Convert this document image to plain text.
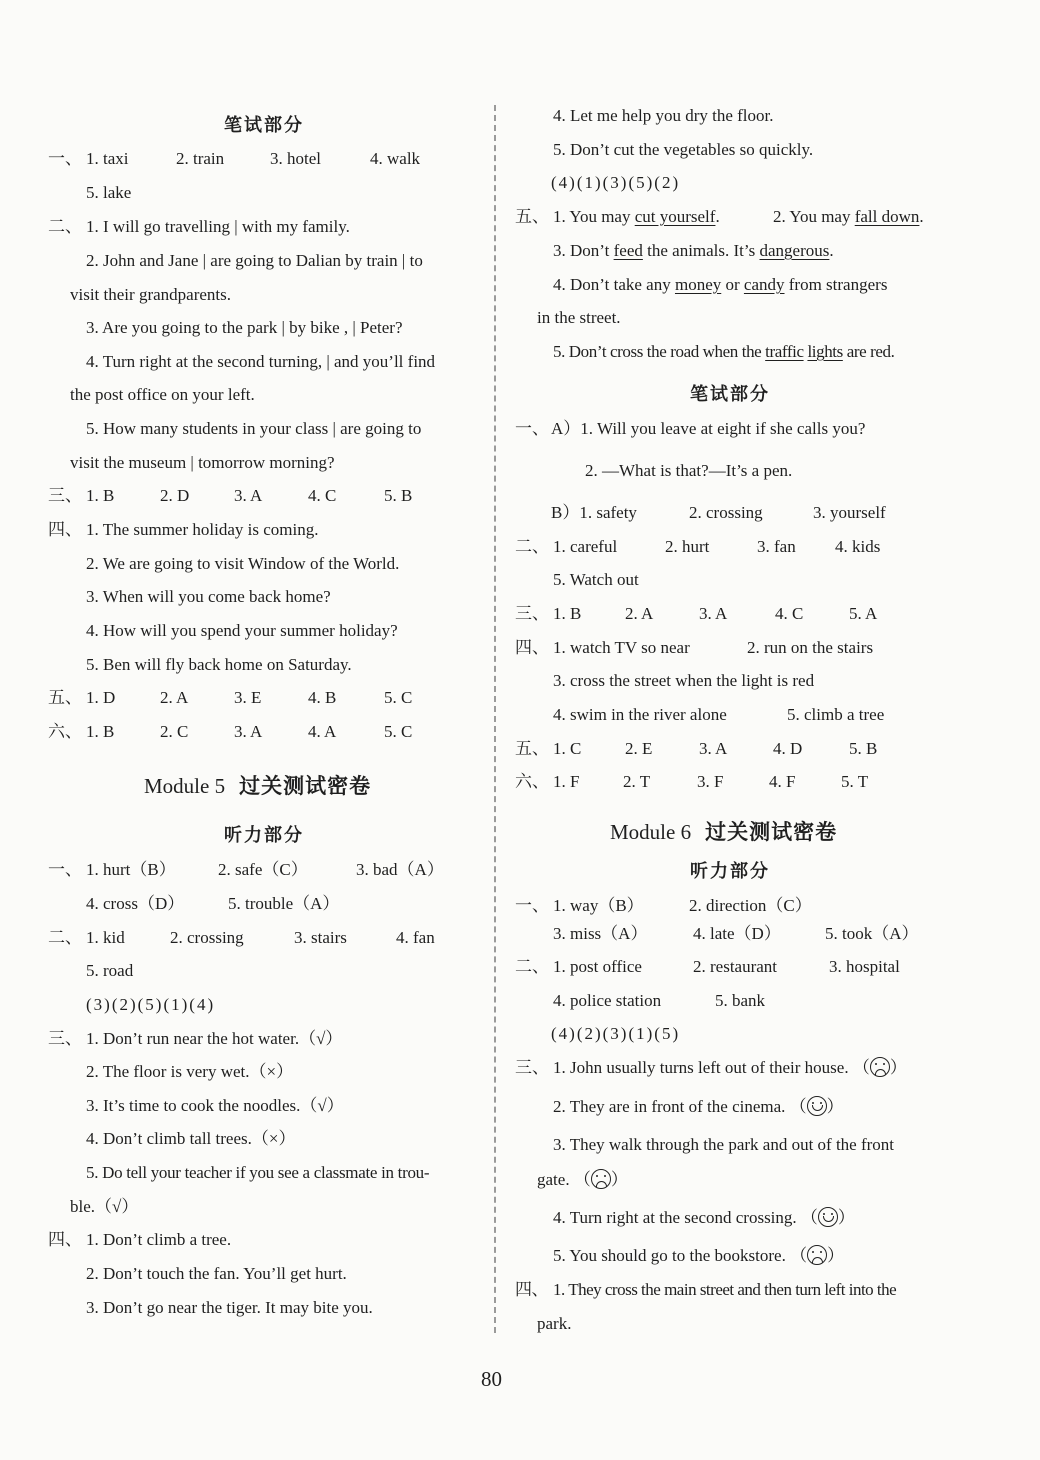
笔试部分
一、 1. taxi	2. train	3. hotel	4. walk
5. lake
二、 1. I will go travelling | with my family.
2. John and Jane | are going to Dalian by train | to
visit their grandparents.
3. Are you going to the park | by bike , | Peter?
4. Turn right at the second turning, | and you’ll find
the post office on your left.
5. How many students in your class | are going to
visit the museum | tomorrow morning?
三、 1. B	2. D	3. A	4. C	5. B
四、 1. The summer holiday is coming.
2. We are going to visit Window of the World.
3. When will you come back home?
4. How will you spend your summer holiday?
5. Ben will fly back home on Saturday.
五、 1. D	2. A	3. E	4. B	5. C
六、 1. B	2. C	3. A	4. A	5. C
Module 5 过关测试密卷
听力部分
一、 1. hurt（B） 2. safe（C）	3. bad（A）
4. cross（D）	5. trouble（A）
二、 1. kid	2. crossing	3. stairs	4. fan
5. road
(3)(2)(5)(1)(4)
三、 1. Don’t run near the hot water.（√）
2. The floor is very wet.（×）
3. It’s time to cook the noodles.（√）
4. Don’t climb tall trees.（×）
5. Do tell your teacher if you see a classmate in trou-
ble.（√）
四、 1. Don’t climb a tree.
2. Don’t touch the fan. You’ll get hurt.
3. Don’t go near the tiger. It may bite you.
4. Let me help you dry the floor.
5. Don’t cut the vegetables so quickly.
(4)(1)(3)(5)(2)
五、 1. You may cut yourself.	2. You may fall down.
3. Don’t feed the animals. It’s dangerous.
4. Don’t take any money or candy from strangers
in the street.
5. Don’t cross the road when the traffic lights are red.
笔试部分
一、 A）1. Will you leave at eight if she calls you?
2. —What is that?—It’s a pen.
B）1. safety	2. crossing	3. yourself
二、 1. careful	2. hurt	3. fan 4. kids
5. Watch out
三、 1. B	2. A	3. A	4. C	5. A
四、 1. watch TV so near	2. run on the stairs
3. cross the street when the light is red
4. swim in the river alone	5. climb a tree
五、 1. C	2. E	3. A	4. D	5. B
六、 1. F	2. T	3. F	4. F	5. T
Module 6 过关测试密卷
听力部分
一、 1. way（B）	2. direction（C）
3. miss（A）	4. late（D）	5. took（A）
二、 1. post office	2. restaurant	3. hospital
4. police station	5. bank
(4)(2)(3)(1)(5)
三、 1. John usually turns left out of their house. （ ）
2. They are in front of the cinema. （ ）
3. They walk through the park and out of the front
gate. （ ）
4. Turn right at the second crossing. （ ）
5. You should go to the bookstore. （ ）
四、 1. They cross the main street and then turn left into the
park.
80
